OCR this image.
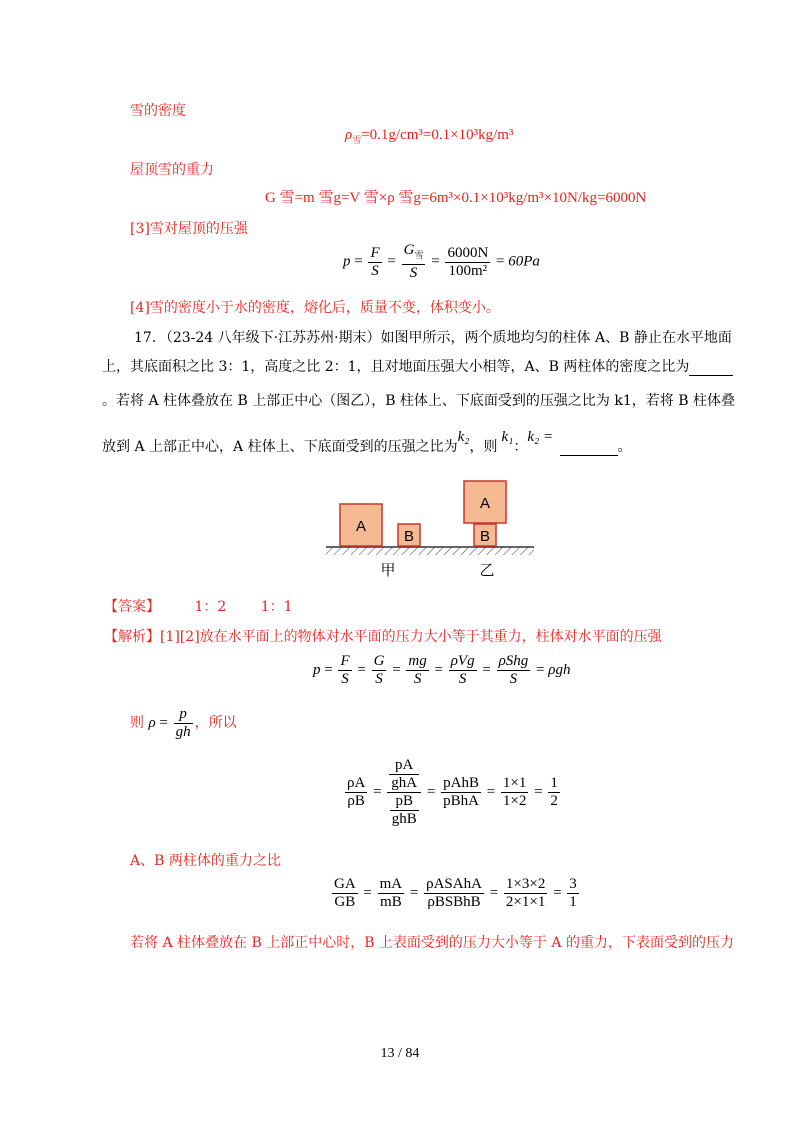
雪的密度
$\rho_雪=0.1g/cm^3=0.1\times 10^3kg/m^3$
屋顶雪的重力
G 雪=m 雪g=V 雪×ρ 雪g=6m³×0.1×10³kg/m³×10N/kg=6000N
[3]雪对屋顶的压强
$p = \frac{F}{S} = \frac{G_雪}{S} = \frac{6000N}{\text{100m²}} = 60Pa$
[4]雪的密度小于水的密度，熔化后，质量不变，体积变小。
17．（23-24 八年级下·江苏苏州·期末）如图甲所示，两个质地均匀的柱体 A、B 静止在水平地面
上，其底面积之比 3：1，高度之比 2：1，且对地面压强大小相等，A、B 两柱体的密度之比为
。若将 A 柱体叠放在 B 上部正中心（图乙），B 柱体上、下底面受到的压强之比为 k1，若将 B 柱体叠
放到 A 上部正中心，A 柱体上、下底面受到的压强之比为k₂，则k₁：k₂ = 。
A
B
A
B
甲	乙
【答案】 1：2 1：1
【解析】[1][2]放在水平面上的物体对水平面的压力大小等于其重力，柱体对水平面的压强
$p = \frac{F}{S} = \frac{G}{S} = \frac{mg}{S} = \frac{\text{ρVg}}{S} = \frac{\text{ρShg}}{S} = \rho gh$
则 $\rho = \frac{p}{gh}$ ，所以
$\frac{\rho A}{\rho B} = \frac{\frac{pA}{\text{ghA}}}{\frac{pB}{\text{ghB}}} = \frac{\text{pAhB}}{\text{pBhA}} = \frac{1\times 1}{1\times 2} = \frac{1}{2}$
A、B 两柱体的重力之比
$\frac{GA}{GB} = \frac{mA}{mB} = \frac{\text{ρASAhA}}{\text{ρBSBhB}} = \frac{1\times 3\times 2}{2\times 1\times 1} = \frac{3}{1}$
若将 A 柱体叠放在 B 上部正中心时，B 上表面受到的压力大小等于 A 的重力，下表面受到的压力
13 / 84
